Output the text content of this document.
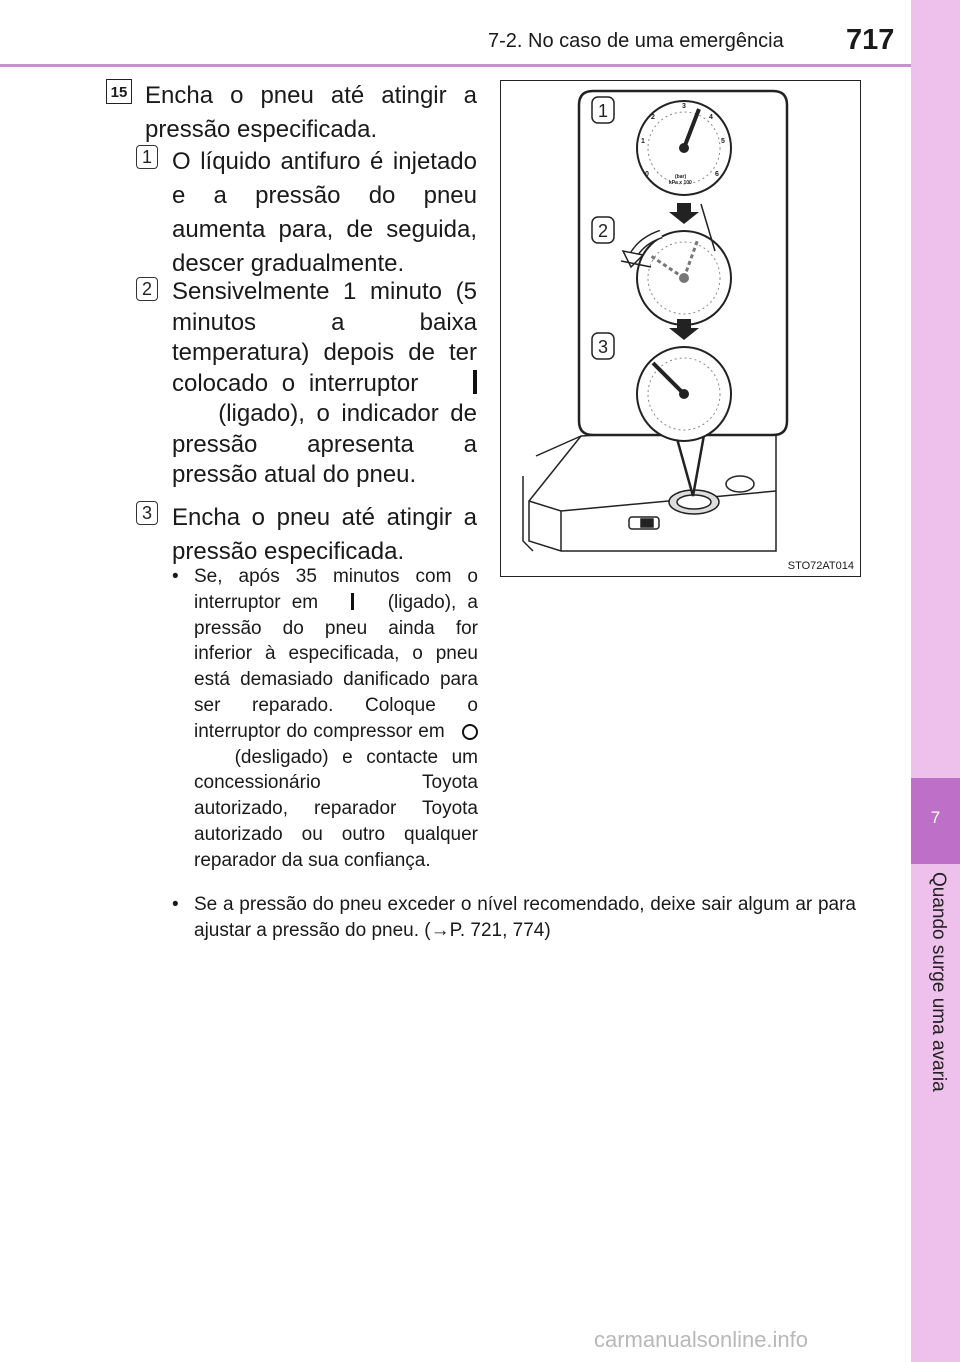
7-2. No caso de uma emergência 717
7
Quando surge uma avaria
15 Encha o pneu até atingir a pressão especificada.
1 O líquido antifuro é injetado e a pressão do pneu aumenta para, de seguida, descer gradualmente.
2 Sensivelmente 1 minuto (5 minutos a baixa temperatura) depois de ter colocado o interruptor        (ligado), o indicador de pressão apresenta a pressão atual do pneu.
3 Encha o pneu até atingir a pressão especificada.
• Se, após 35 minutos com o interruptor em	(ligado), a pressão do pneu ainda for inferior à especificada, o pneu está demasiado danificado para ser reparado. Coloque o interruptor do compressor em      (desligado) e contacte um concessionário Toyota autorizado, reparador Toyota autorizado ou outro qualquer reparador da sua confiança.
• Se a pressão do pneu exceder o nível recomendado, deixe sair algum ar para ajustar a pressão do pneu. (→P. 721, 774)
3
2
1
0
4
5
6
(bar)
kPa x 100
1
2
3
STO72AT014
carmanualsonline.info
